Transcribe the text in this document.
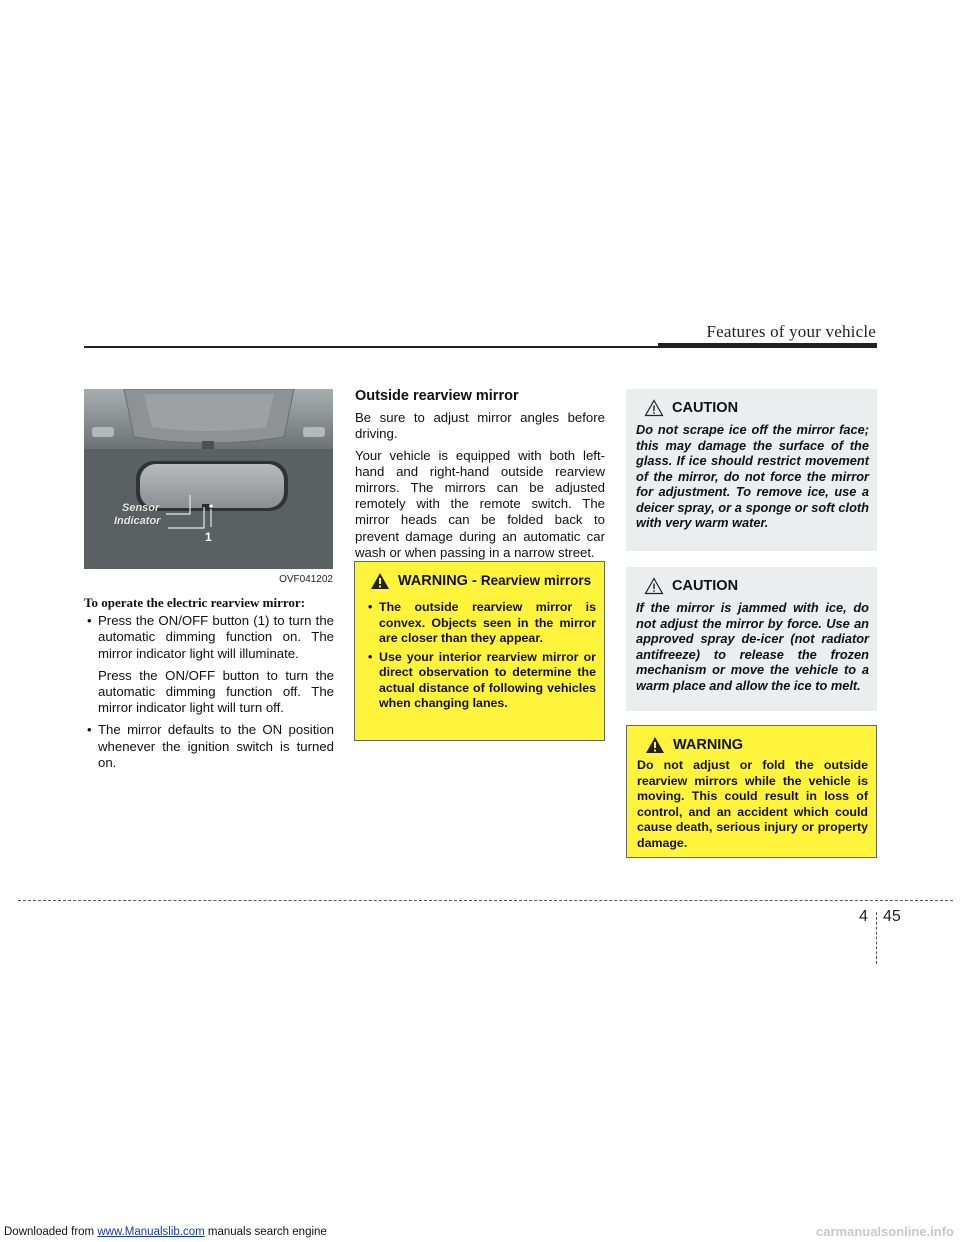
Features of your vehicle
Sensor
Indicator
1
OVF041202
To operate the electric rearview mirror:

• Press the ON/OFF button (1) to turn the automatic dimming function on. The mirror indicator light will illuminate.

Press the ON/OFF button to turn the automatic dimming function off. The mirror indicator light will turn off.

• The mirror defaults to the ON position whenever the ignition switch is turned on.

Outside rearview mirror

Be sure to adjust mirror angles before driving.

Your vehicle is equipped with both left-hand and right-hand outside rearview mirrors. The mirrors can be adjusted remotely with the remote switch. The mirror heads can be folded back to prevent damage during an automatic car wash or when passing in a narrow street.

WARNING - Rearview mirrors

• The outside rearview mirror is convex. Objects seen in the mirror are closer than they appear.

• Use your interior rearview mirror or direct observation to determine the actual distance of following vehicles when changing lanes.

CAUTION
Do not scrape ice off the mirror face; this may damage the surface of the glass. If ice should restrict movement of the mirror, do not force the mirror for adjustment. To remove ice, use a deicer spray, or a sponge or soft cloth with very warm water.
CAUTION
If the mirror is jammed with ice, do not adjust the mirror by force. Use an approved spray de-icer (not radiator antifreeze) to release the frozen mechanism or move the vehicle to a warm place and allow the ice to melt.
WARNING
Do not adjust or fold the outside rearview mirrors while the vehicle is moving. This could result in loss of control, and an accident which could cause death, serious injury or property damage.
4 45
Downloaded from www.Manualslib.com manuals search engine	carmanualsonline.info
